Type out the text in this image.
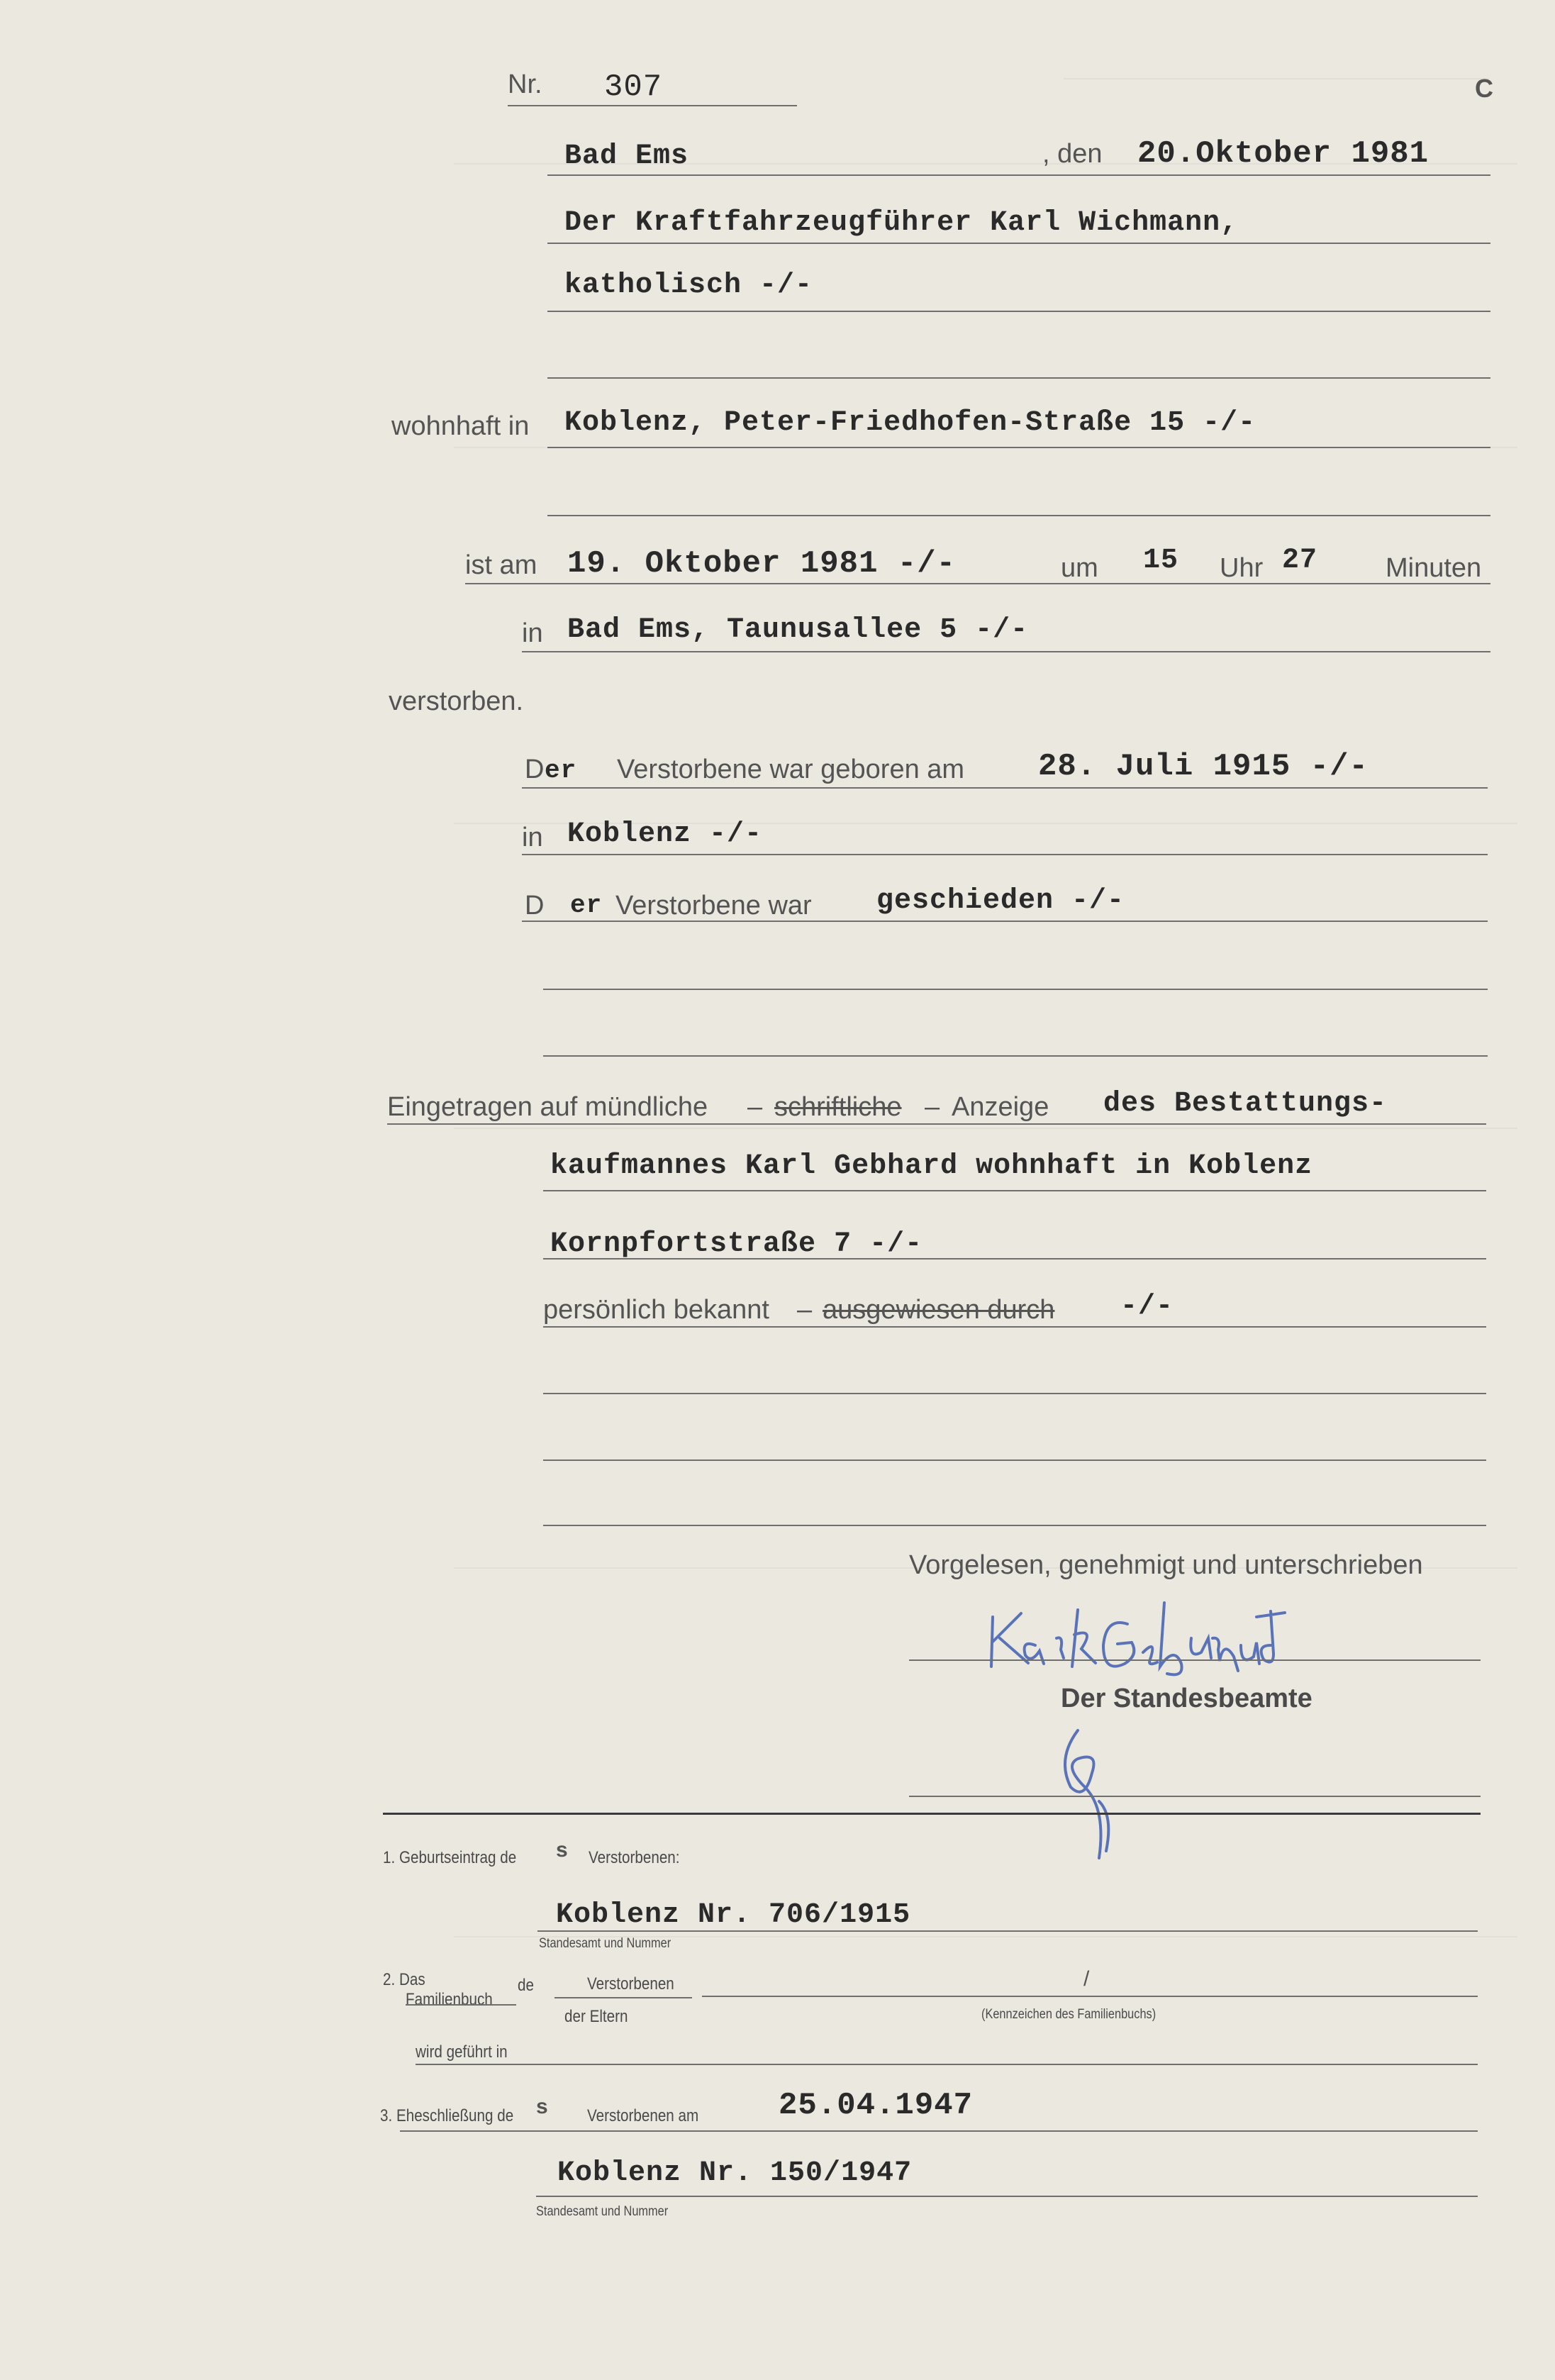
Nr. 307	C
Bad Ems	, den 20.Oktober 1981
Der Kraftfahrzeugführer Karl Wichmann,
katholisch -/-
wohnhaft in Koblenz, Peter-Friedhofen-Straße 15 -/-
ist am 19. Oktober 1981 -/-	um 15 Uhr 27	Minuten
in Bad Ems, Taunusallee 5 -/-
verstorben.
D er Verstorbene war geboren am 28. Juli 1915 -/-
in Koblenz -/-
D er Verstorbene war geschieden -/-
Eingetragen auf mündliche – schriftliche – Anzeige des Bestattungs-
kaufmannes Karl Gebhard wohnhaft in Koblenz
Kornpfortstraße 7 -/-
persönlich bekannt – ausgewiesen durch -/-
Vorgelesen, genehmigt und unterschrieben
Der Standesbeamte
1. Geburtseintrag de s Verstorbenen:
Koblenz Nr. 706/1915
Standesamt und Nummer
2. Das
Familienbuch
de	Verstorbenen
der Eltern
/
(Kennzeichen des Familienbuchs)
wird geführt in
3. Eheschließung de s Verstorbenen am	25.04.1947
Koblenz Nr. 150/1947
Standesamt und Nummer
